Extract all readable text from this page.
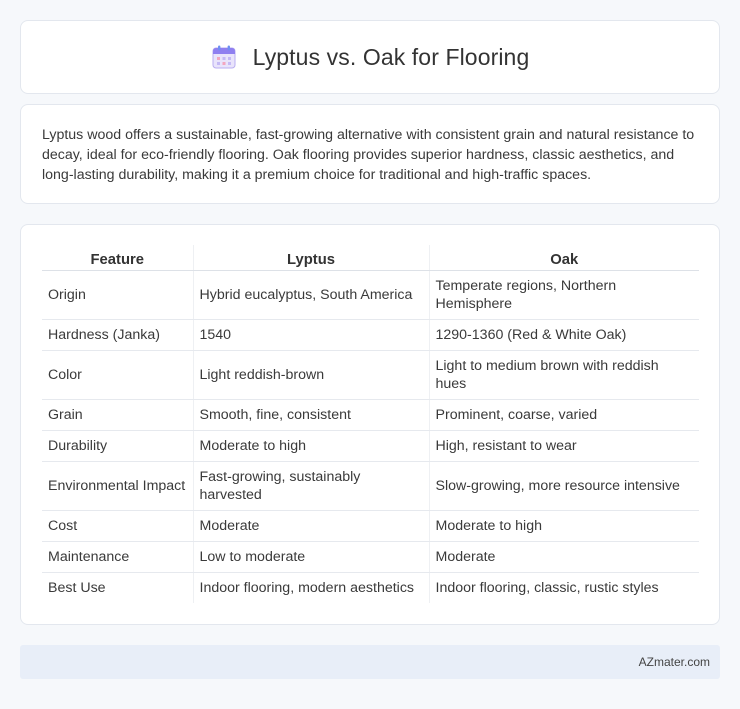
Lyptus vs. Oak for Flooring

Lyptus wood offers a sustainable, fast-growing alternative with consistent grain and natural resistance to decay, ideal for eco-friendly flooring. Oak flooring provides superior hardness, classic aesthetics, and long-lasting durability, making it a premium choice for traditional and high-traffic spaces.

Feature	Lyptus	Oak
Origin	Hybrid eucalyptus, South America	Temperate regions, Northern Hemisphere
Hardness (Janka)	1540	1290-1360 (Red & White Oak)
Color	Light reddish-brown	Light to medium brown with reddish hues
Grain	Smooth, fine, consistent	Prominent, coarse, varied
Durability	Moderate to high	High, resistant to wear
Environmental Impact	Fast-growing, sustainably harvested	Slow-growing, more resource intensive
Cost	Moderate	Moderate to high
Maintenance	Low to moderate	Moderate
Best Use	Indoor flooring, modern aesthetics	Indoor flooring, classic, rustic styles
AZmater.com
